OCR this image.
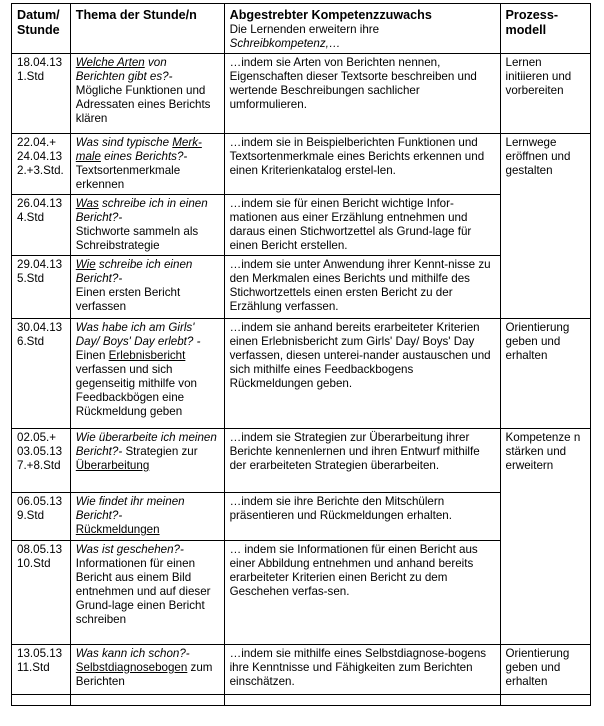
Datum/ Stunde	Thema der Stunde/n	Abgestrebter Kompetenzzuwachs
Die Lernenden erweitern ihre
Schreibkompetenz,…	Prozess-modell

18.04.13
1.Std	Welche Arten von Berichten gibt es?-
Mögliche Funktionen und Adressaten eines Berichts klären	…indem sie Arten von Berichten nennen, Eigenschaften dieser Textsorte beschreiben und wertende Beschreibungen sachlicher umformulieren.	Lernen initiieren und vorbereiten

22.04.+ 24.04.13
2.+3.Std.	Was sind typische Merk-male eines Berichts?-
Textsortenmerkmale erkennen	…indem sie in Beispielberichten Funktionen und Textsortenmerkmale eines Berichts erkennen und einen Kriterienkatalog erstel-len.	Lernwege eröffnen und gestalten

26.04.13
4.Std	Was schreibe ich in einen Bericht?-
Stichworte sammeln als Schreibstrategie	…indem sie für einen Bericht wichtige Infor-mationen aus einer Erzählung entnehmen und daraus einen Stichwortzettel als Grund-lage für einen Bericht erstellen.	

29.04.13
5.Std	Wie schreibe ich einen Bericht?-
Einen ersten Bericht verfassen	…indem sie unter Anwendung ihrer Kennt-nisse zu den Merkmalen eines Berichts und mithilfe des Stichwortzettels einen ersten Bericht zu der Erzählung verfassen.	

30.04.13
6.Std	Was habe ich am Girls' Day/ Boys' Day erlebt? - Einen Erlebnisbericht verfassen und sich gegenseitig mithilfe von Feedbackbögen eine Rückmeldung geben	…indem sie anhand bereits erarbeiteter Kriterien einen Erlebnisbericht zum Girls' Day/ Boys' Day verfassen, diesen unterei-nander austauschen und sich mithilfe eines Feedbackbogens Rückmeldungen geben.	Orientierung geben und erhalten

02.05.+ 03.05.13
7.+8.Std	Wie überarbeite ich meinen Bericht?- Strategien zur Überarbeitung	…indem sie Strategien zur Überarbeitung ihrer Berichte kennenlernen und ihren Entwurf mithilfe der erarbeiteten Strategien überarbeiten.	Kompetenze n stärken und erweitern

06.05.13
9.Std	Wie findet ihr meinen Bericht?-
Rückmeldungen	…indem sie ihre Berichte den Mitschülern präsentieren und Rückmeldungen erhalten.	

08.05.13
10.Std	Was ist geschehen?- Informationen für einen Bericht aus einem Bild entnehmen und auf dieser Grund-lage einen Bericht schreiben	… indem sie Informationen für einen Bericht aus einer Abbildung entnehmen und anhand bereits erarbeiteter Kriterien einen Bericht zu dem Geschehen verfas-sen.	

13.05.13
11.Std	Was kann ich schon?- Selbstdiagnosebogen zum Berichten	…indem sie mithilfe eines Selbstdiagnose-bogens ihre Kenntnisse und Fähigkeiten zum Berichten einschätzen.	Orientierung geben und erhalten
